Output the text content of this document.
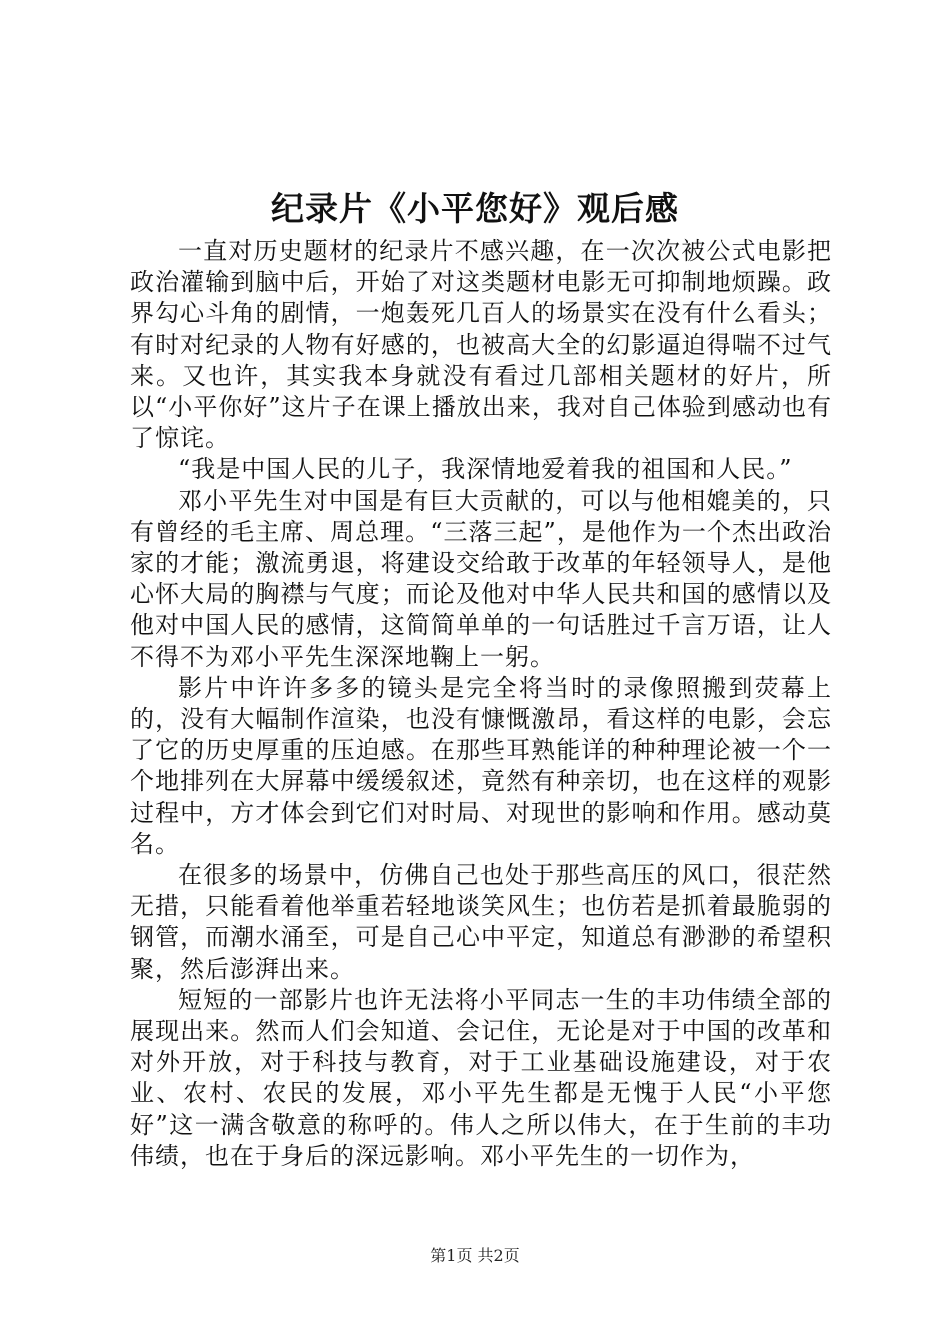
纪录片《小平您好》观后感

一直对历史题材的纪录片不感兴趣，在一次次被公式电影把政治灌输到脑中后，开始了对这类题材电影无可抑制地烦躁。政界勾心斗角的剧情，一炮轰死几百人的场景实在没有什么看头；有时对纪录的人物有好感的，也被高大全的幻影逼迫得喘不过气来。又也许，其实我本身就没有看过几部相关题材的好片，所以“小平你好”这片子在课上播放出来，我对自己体验到感动也有了惊诧。

“我是中国人民的儿子，我深情地爱着我的祖国和人民。”

邓小平先生对中国是有巨大贡献的，可以与他相媲美的，只有曾经的毛主席、周总理。“三落三起”，是他作为一个杰出政治家的才能；激流勇退，将建设交给敢于改革的年轻领导人，是他心怀大局的胸襟与气度；而论及他对中华人民共和国的感情以及他对中国人民的感情，这简简单单的一句话胜过千言万语，让人不得不为邓小平先生深深地鞠上一躬。

影片中许许多多的镜头是完全将当时的录像照搬到荧幕上的，没有大幅制作渲染，也没有慷慨激昂，看这样的电影，会忘了它的历史厚重的压迫感。在那些耳熟能详的种种理论被一个一个地排列在大屏幕中缓缓叙述，竟然有种亲切，也在这样的观影过程中，方才体会到它们对时局、对现世的影响和作用。感动莫名。

在很多的场景中，仿佛自己也处于那些高压的风口，很茫然无措，只能看着他举重若轻地谈笑风生；也仿若是抓着最脆弱的钢管，而潮水涌至，可是自己心中平定，知道总有渺渺的希望积聚，然后澎湃出来。

短短的一部影片也许无法将小平同志一生的丰功伟绩全部的展现出来。然而人们会知道、会记住，无论是对于中国的改革和对外开放，对于科技与教育，对于工业基础设施建设，对于农业、农村、农民的发展，邓小平先生都是无愧于人民“小平您好”这一满含敬意的称呼的。伟人之所以伟大，在于生前的丰功伟绩，也在于身后的深远影响。邓小平先生的一切作为，

第1页 共2页
